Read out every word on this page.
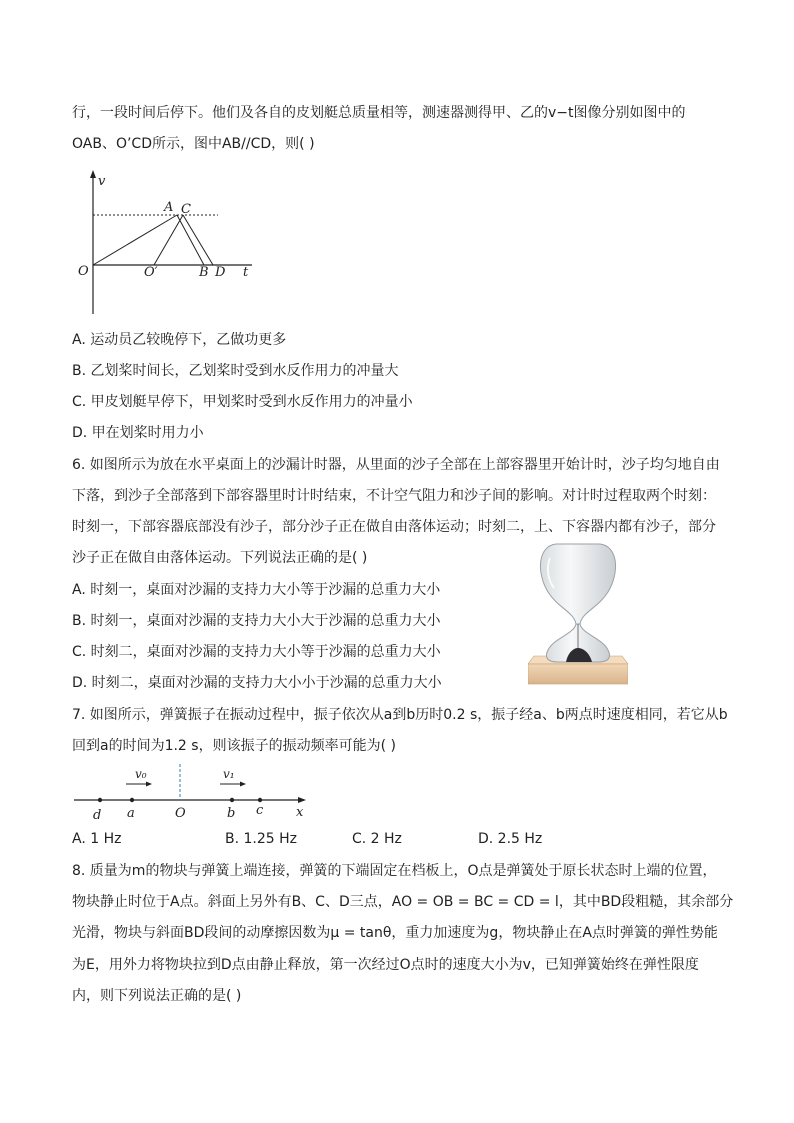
行，一段时间后停下。他们及各自的皮划艇总质量相等，测速器测得甲、乙的v−t图像分别如图中的
OAB、O’CD所示，图中AB//CD，则( )
v
t
O
A C
O′	B D
A. 运动员乙较晚停下，乙做功更多
B. 乙划桨时间长，乙划桨时受到水反作用力的冲量大
C. 甲皮划艇早停下，甲划桨时受到水反作用力的冲量小
D. 甲在划桨时用力小
6. 如图所示为放在水平桌面上的沙漏计时器，从里面的沙子全部在上部容器里开始计时，沙子均匀地自由
下落，到沙子全部落到下部容器里时计时结束，不计空气阻力和沙子间的影响。对计时过程取两个时刻：
时刻一，下部容器底部没有沙子，部分沙子正在做自由落体运动；时刻二，上、下容器内都有沙子，部分
沙子正在做自由落体运动。下列说法正确的是( )
A. 时刻一，桌面对沙漏的支持力大小等于沙漏的总重力大小
B. 时刻一，桌面对沙漏的支持力大小大于沙漏的总重力大小
C. 时刻二，桌面对沙漏的支持力大小等于沙漏的总重力大小
D. 时刻二，桌面对沙漏的支持力大小小于沙漏的总重力大小
7. 如图所示，弹簧振子在振动过程中，振子依次从a到b历时0.2 s，振子经a、b两点时速度相同，若它从b
回到a的时间为1.2 s，则该振子的振动频率可能为( )
v₀	v₁
d a	O	b c	x
A. 1 Hz	B. 1.25 Hz	C. 2 Hz	D. 2.5 Hz
8. 质量为m的物块与弹簧上端连接，弹簧的下端固定在档板上，O点是弹簧处于原长状态时上端的位置，
物块静止时位于A点。斜面上另外有B、C、D三点，AO = OB = BC = CD = l，其中BD段粗糙，其余部分
光滑，物块与斜面BD段间的动摩擦因数为μ = tanθ，重力加速度为g，物块静止在A点时弹簧的弹性势能
为E，用外力将物块拉到D点由静止释放，第一次经过O点时的速度大小为v，已知弹簧始终在弹性限度
内，则下列说法正确的是( )
